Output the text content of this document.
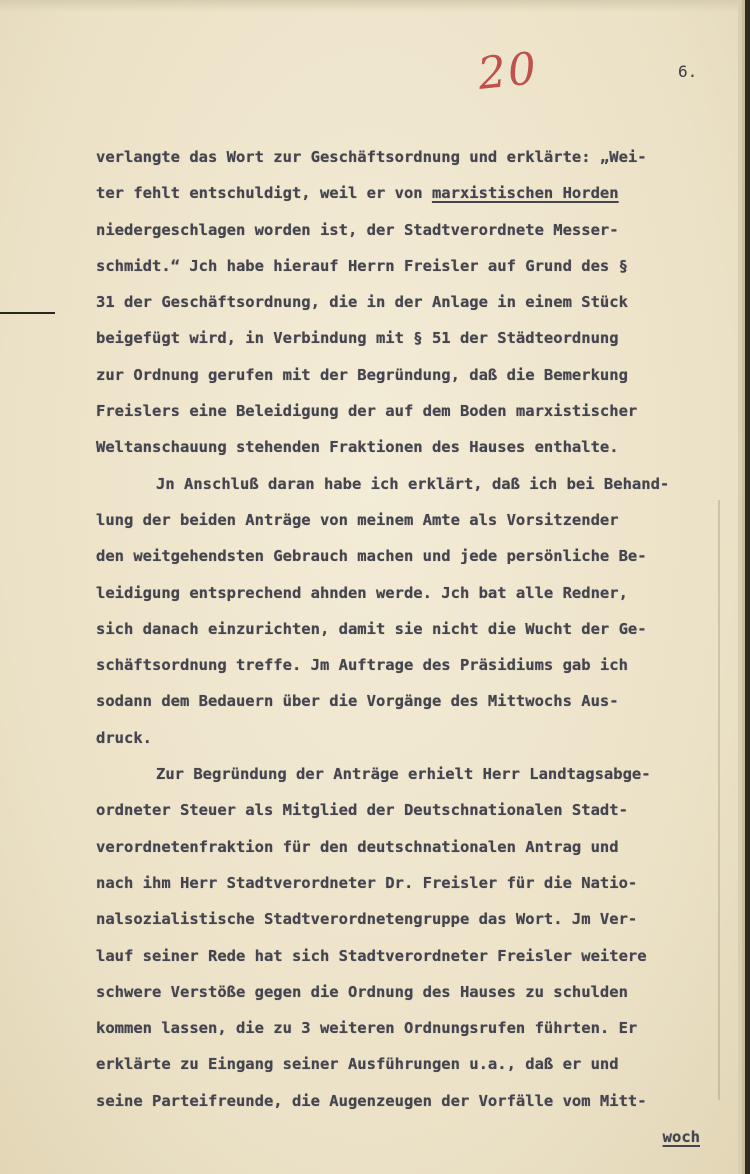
20	6.
verlangte das Wort zur Geschäftsordnung und erklärte: „Wei-
ter fehlt entschuldigt, weil er von marxistischen Horden
niedergeschlagen worden ist, der Stadtverordnete Messer-
schmidt.“ Jch habe hierauf Herrn Freisler auf Grund des §
31 der Geschäftsordnung, die in der Anlage in einem Stück
beigefügt wird, in Verbindung mit § 51 der Städteordnung
zur Ordnung gerufen mit der Begründung, daß die Bemerkung
Freislers eine Beleidigung der auf dem Boden marxistischer
Weltanschauung stehenden Fraktionen des Hauses enthalte.
Jn Anschluß daran habe ich erklärt, daß ich bei Behand-
lung der beiden Anträge von meinem Amte als Vorsitzender
den weitgehendsten Gebrauch machen und jede persönliche Be-
leidigung entsprechend ahnden werde. Jch bat alle Redner,
sich danach einzurichten, damit sie nicht die Wucht der Ge-
schäftsordnung treffe. Jm Auftrage des Präsidiums gab ich
sodann dem Bedauern über die Vorgänge des Mittwochs Aus-
druck.
Zur Begründung der Anträge erhielt Herr Landtagsabge-
ordneter Steuer als Mitglied der Deutschnationalen Stadt-
verordnetenfraktion für den deutschnationalen Antrag und
nach ihm Herr Stadtverordneter Dr. Freisler für die Natio-
nalsozialistische Stadtverordnetengruppe das Wort. Jm Ver-
lauf seiner Rede hat sich Stadtverordneter Freisler weitere
schwere Verstöße gegen die Ordnung des Hauses zu schulden
kommen lassen, die zu 3 weiteren Ordnungsrufen führten. Er
erklärte zu Eingang seiner Ausführungen u.a., daß er und
seine Parteifreunde, die Augenzeugen der Vorfälle vom Mitt-
woch
